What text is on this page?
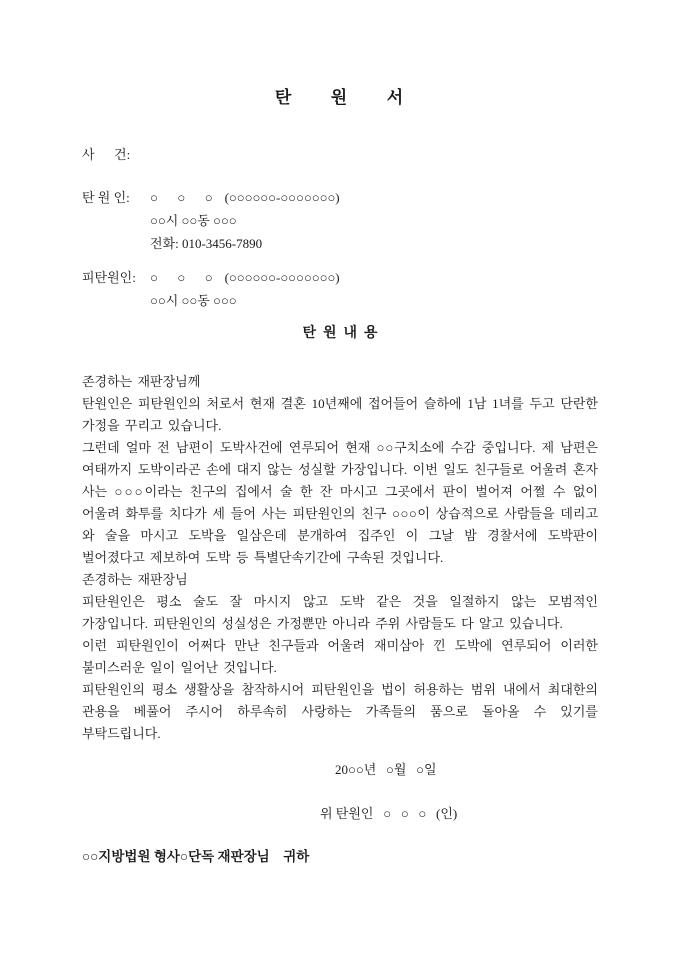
탄      원      서
사      건:
탄 원 인:	○      ○      ○ (○○○○○○-○○○○○○○)
○○시 ○○동 ○○○
전화: 010-3456-7890
피탄원인:	○      ○      ○ (○○○○○○-○○○○○○○)
○○시 ○○동 ○○○
탄  원  내  용

존경하는 재판장님께

탄원인은 피탄원인의 처로서 현재 결혼 10년째에 접어들어 슬하에 1남 1녀를 두고 단란한 가정을 꾸리고 있습니다.

그런데 얼마 전 남편이 도박사건에 연루되어 현재 ○○구치소에 수감 중입니다. 제 남편은 여태까지 도박이라곤 손에 대지 않는 성실할 가장입니다. 이번 일도 친구들로 어울려 혼자 사는 ○○○이라는 친구의 집에서 술 한 잔 마시고 그곳에서 판이 벌어져 어쩔 수 없이 어울려 화투를 치다가 세 들어 사는 피탄원인의 친구 ○○○이 상습적으로 사람들을 데리고 와 술을 마시고 도박을 일삼은데 분개하여 집주인 이 그날 밤 경찰서에 도박판이 벌어졌다고 제보하여 도박 등 특별단속기간에 구속된 것입니다.

존경하는 재판장님

피탄원인은 평소 술도 잘 마시지 않고 도박 같은 것을 일절하지 않는 모범적인 가장입니다. 피탄원인의 성실성은 가정뿐만 아니라 주위 사람들도 다 알고 있습니다.

이런 피탄원인이 어쩌다 만난 친구들과 어울려 재미삼아 낀 도박에 연루되어 이러한 불미스러운 일이 일어난 것입니다.

피탄원인의 평소 생활상을 참작하시어 피탄원인을 법이 허용하는 범위 내에서 최대한의 관용을 베풀어 주시어 하루속히 사랑하는 가족들의 품으로 돌아올 수 있기를 부탁드립니다.

20○○년   ○월   ○일
위 탄원인   ○   ○   ○   (인)
○○지방법원 형사○단독 재판장님    귀하
